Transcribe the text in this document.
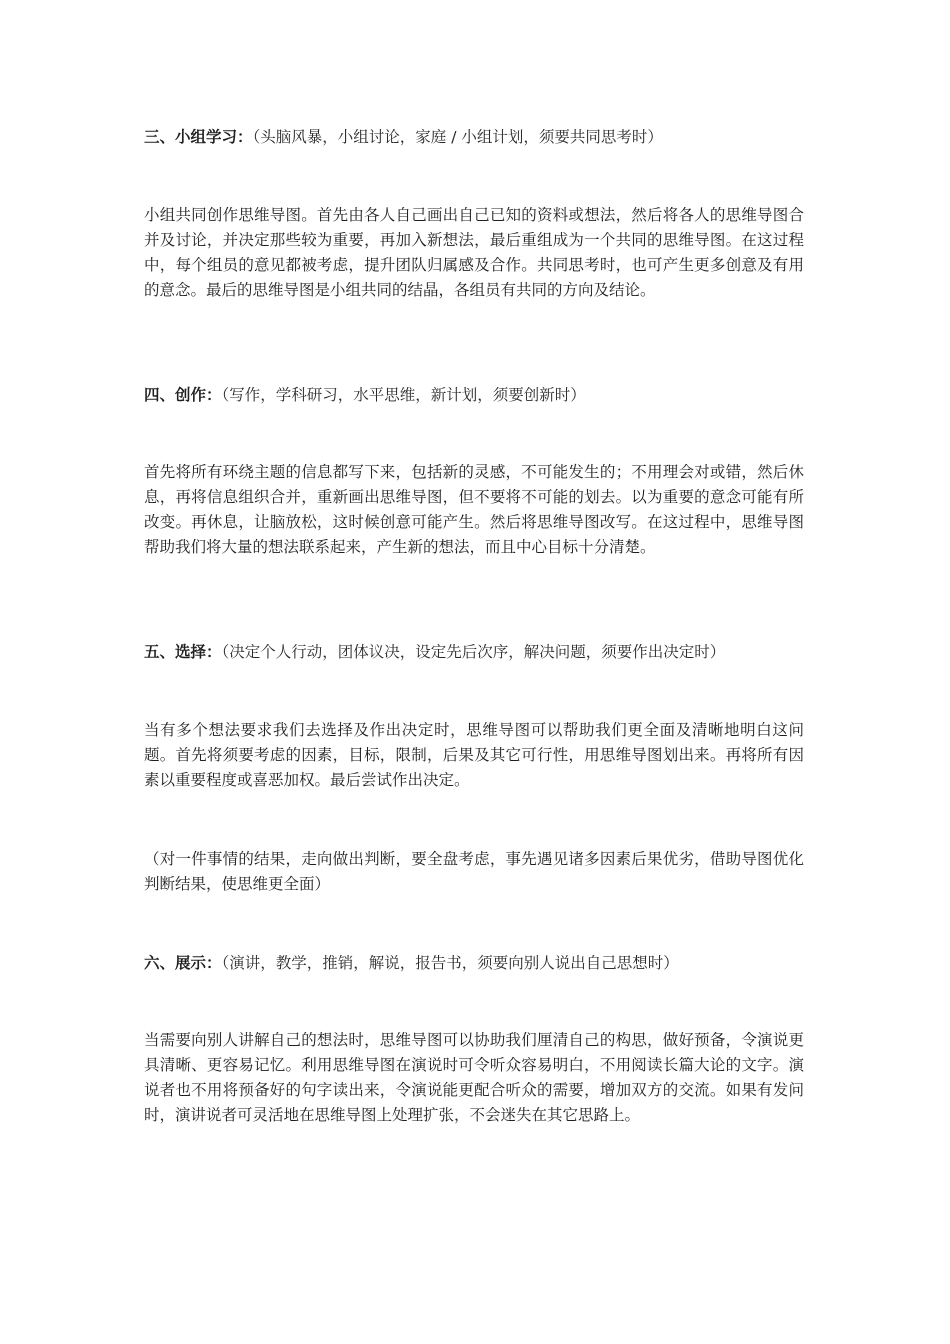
三、小组学习：（头脑风暴，小组讨论，家庭 / 小组计划，须要共同思考时）

小组共同创作思维导图。首先由各人自己画出自己已知的资料或想法，然后将各人的思维导图合并及讨论，并决定那些较为重要，再加入新想法，最后重组成为一个共同的思维导图。在这过程中，每个组员的意见都被考虑，提升团队归属感及合作。共同思考时，也可产生更多创意及有用的意念。最后的思维导图是小组共同的结晶，各组员有共同的方向及结论。

四、创作：（写作，学科研习，水平思维，新计划，须要创新时）

首先将所有环绕主题的信息都写下来，包括新的灵感，不可能发生的；不用理会对或错，然后休息，再将信息组织合并，重新画出思维导图，但不要将不可能的划去。以为重要的意念可能有所改变。再休息，让脑放松，这时候创意可能产生。然后将思维导图改写。在这过程中，思维导图帮助我们将大量的想法联系起来，产生新的想法，而且中心目标十分清楚。

五、选择：（决定个人行动，团体议决，设定先后次序，解决问题，须要作出决定时）

当有多个想法要求我们去选择及作出决定时，思维导图可以帮助我们更全面及清晰地明白这问题。首先将须要考虑的因素，目标，限制，后果及其它可行性，用思维导图划出来。再将所有因素以重要程度或喜恶加权。最后尝试作出决定。

（对一件事情的结果，走向做出判断，要全盘考虑，事先遇见诸多因素后果优劣，借助导图优化判断结果，使思维更全面）

六、展示：（演讲，教学，推销，解说，报告书，须要向别人说出自己思想时）

当需要向别人讲解自己的想法时，思维导图可以协助我们厘清自己的构思，做好预备，令演说更具清晰、更容易记忆。利用思维导图在演说时可令听众容易明白，不用阅读长篇大论的文字。演说者也不用将预备好的句字读出来，令演说能更配合听众的需要，增加双方的交流。如果有发问时，演讲说者可灵活地在思维导图上处理扩张，不会迷失在其它思路上。
